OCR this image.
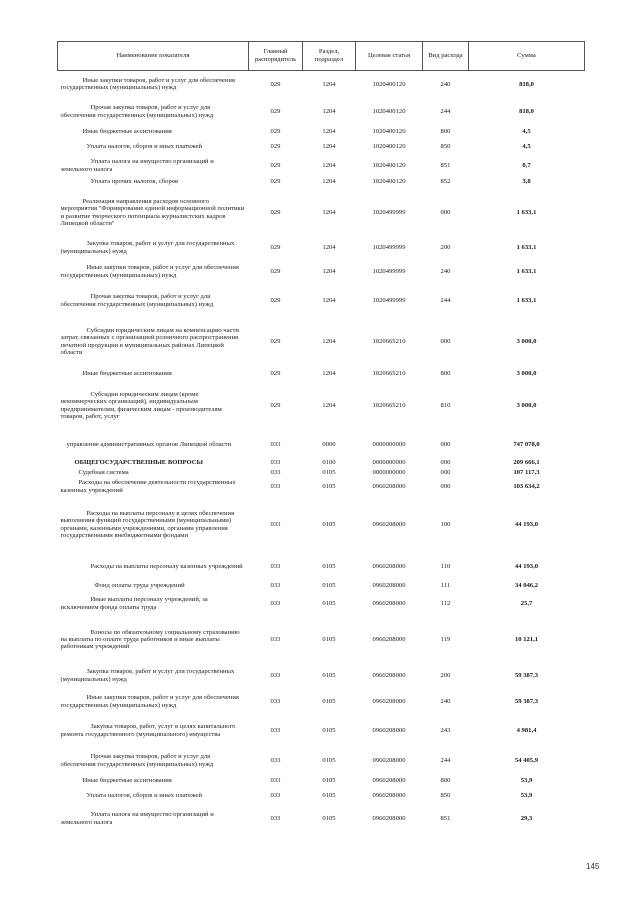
Наименование показателя	Главный распорядитель	Раздел, подраздел	Целевая статья	Вид расхода	Сумма
Иные закупки товаров, работ и услуг для обеспечения государственных (муниципальных) нужд	029	1204	1020400120	240	818,0
Прочая закупка товаров, работ и услуг для обеспечения государственных (муниципальных) нужд	029	1204	1020400120	244	818,0
Иные бюджетные ассигнования	029	1204	1020400120	800	4,5
Уплата налогов, сборов и иных платежей	029	1204	1020400120	850	4,5
Уплата налога на имущество организаций и земельного налога	029	1204	1020400120	851	0,7
Уплата прочих налогов, сборов	029	1204	1020400120	852	3,8
Реализация направления расходов основного мероприятия "Формирование единой информационной политики и развитие творческого потенциала журналистских кадров Липецкой области"	029	1204	1020499999	000	1 633,1
Закупка товаров, работ и услуг для государственных (муниципальных) нужд	029	1204	1020499999	200	1 633,1
Иные закупки товаров, работ и услуг для обеспечения государственных (муниципальных) нужд	029	1204	1020499999	240	1 633,1
Прочая закупка товаров, работ и услуг для обеспечения государственных (муниципальных) нужд	029	1204	1020499999	244	1 633,1
Субсидии юридическим лицам на компенсацию части затрат, связанных с организацией розничного распространения печатной продукции в муниципальных районах Липецкой области	029	1204	1020665210	000	3 000,0
Иные бюджетные ассигнования	029	1204	1020665210	800	3 000,0
Субсидии юридическим лицам (кроме некоммерческих организаций), индивидуальным предпринимателям, физическим лицам - производителям товаров, работ, услуг	029	1204	1020665210	810	3 000,0
управление административных органов Липецкой области	033	0000	0000000000	000	747 078,0
ОБЩЕГОСУДАРСТВЕННЫЕ ВОПРОСЫ	033	0100	0000000000	000	209 666,1
Судебная система	033	0105	0000000000	000	107 117,3
Расходы на обеспечение деятельности государственных казенных учреждений	033	0105	0960208000	000	103 634,2
Расходы на выплаты персоналу в целях обеспечения выполнения функций государственными (муниципальными) органами, казенными учреждениями, органами управления государственными внебюджетными фондами	033	0105	0960208000	100	44 193,0
Расходы на выплаты персоналу казенных учреждений	033	0105	0960208000	110	44 193,0
Фонд оплаты труда учреждений	033	0105	0960208000	111	34 046,2
Иные выплаты персоналу учреждений, за исключением фонда оплаты труда	033	0105	0960208000	112	25,7
Взносы по обязательному социальному страхованию на выплаты по оплате труда работников и иные выплаты работникам учреждений	033	0105	0960208000	119	10 121,1
Закупка товаров, работ и услуг для государственных (муниципальных) нужд	033	0105	0960208000	200	59 387,3
Иные закупки товаров, работ и услуг для обеспечения государственных (муниципальных) нужд	033	0105	0960208000	240	59 387,3
Закупка товаров, работ, услуг в целях капитального ремонта государственного (муниципального) имущества	033	0105	0960208000	243	4 981,4
Прочая закупка товаров, работ и услуг для обеспечения государственных (муниципальных) нужд	033	0105	0960208000	244	54 405,9
Иные бюджетные ассигнования	033	0105	0960208000	800	53,9
Уплата налогов, сборов и иных платежей	033	0105	0960208000	850	53,9
Уплата налога на имущество организаций и земельного налога	033	0105	0960208000	851	29,3
145
